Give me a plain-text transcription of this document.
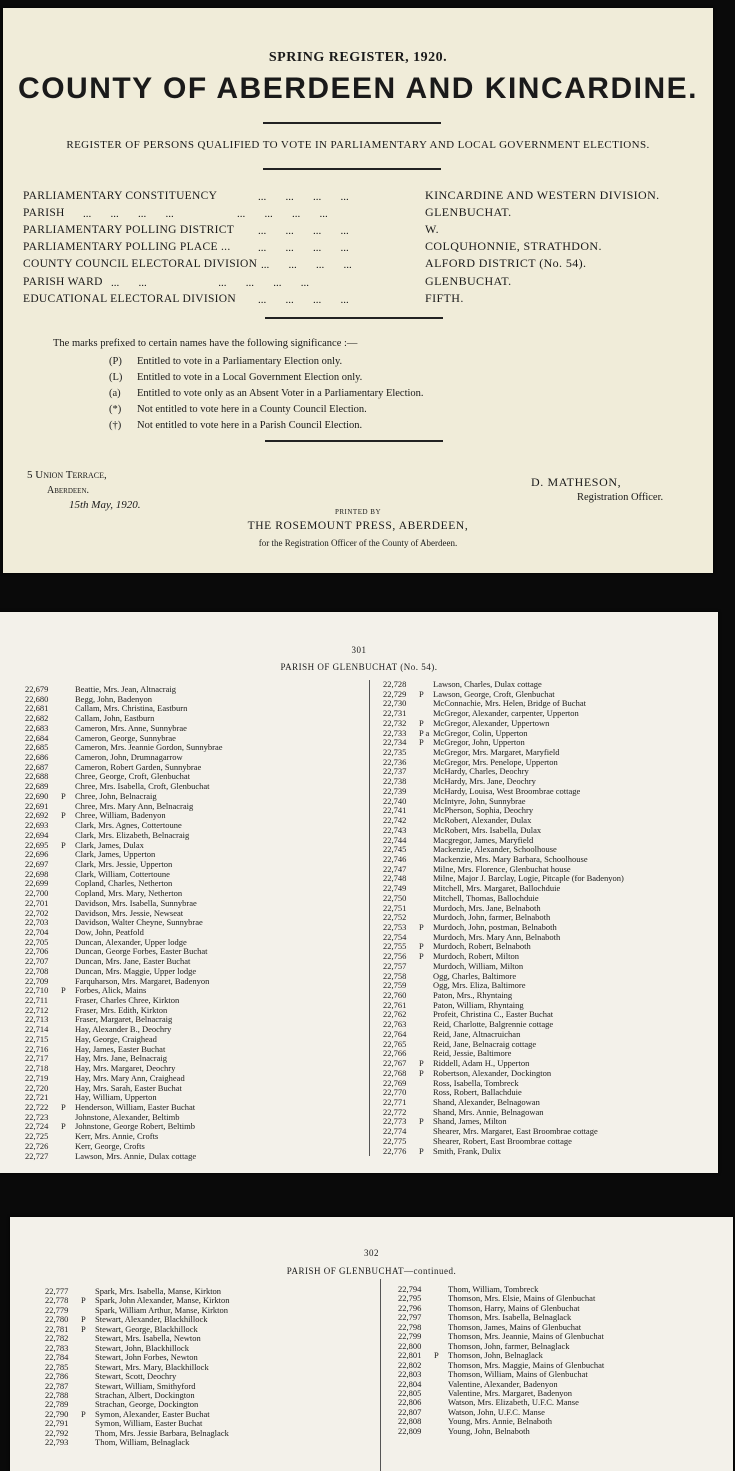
SPRING REGISTER, 1920.
COUNTY OF ABERDEEN AND KINCARDINE.
REGISTER OF PERSONS QUALIFIED TO VOTE IN PARLIAMENTARY AND LOCAL GOVERNMENT ELECTIONS.
PARLIAMENTARY CONSTITUENCY	KINCARDINE AND WESTERN DIVISION.
PARISH	GLENBUCHAT.
PARLIAMENTARY POLLING DISTRICT	W.
PARLIAMENTARY POLLING PLACE ...	COLQUHONNIE, STRATHDON.
COUNTY COUNCIL ELECTORAL DIVISION	ALFORD DISTRICT (No. 54).
PARISH WARD	GLENBUCHAT.
EDUCATIONAL ELECTORAL DIVISION	FIFTH.
...       ...       ...       ...
...       ...       ...       ...                       ...       ...       ...       ...
...       ...       ...       ...
...       ...       ...       ...
...       ...       ...       ...
...       ...                          ...       ...       ...       ...
...       ...       ...       ...
The marks prefixed to certain names have the following significance :—
(P) Entitled to vote in a Parliamentary Election only.
(L) Entitled to vote in a Local Government Election only.
(a) Entitled to vote only as an Absent Voter in a Parliamentary Election.
(*) Not entitled to vote here in a County Council Election.
(†) Not entitled to vote here in a Parish Council Election.
5 Union Terrace,
Aberdeen.
15th May, 1920.
D. MATHESON,
Registration Officer.
PRINTED BY
THE ROSEMOUNT PRESS, ABERDEEN,
for the Registration Officer of the County of Aberdeen.
301
PARISH OF GLENBUCHAT (No. 54).
22,679	Beattie, Mrs. Jean, Altnacraig
22,680	Begg, John, Badenyon
22,681	Callam, Mrs. Christina, Eastburn
22,682	Callam, John, Eastburn
22,683	Cameron, Mrs. Anne, Sunnybrae
22,684	Cameron, George, Sunnybrae
22,685	Cameron, Mrs. Jeannie Gordon, Sunnybrae
22,686	Cameron, John, Drumnagarrow
22,687	Cameron, Robert Garden, Sunnybrae
22,688	Chree, George, Croft, Glenbuchat
22,689	Chree, Mrs. Isabella, Croft, Glenbuchat
22,690 P Chree, John, Belnacraig
22,691	Chree, Mrs. Mary Ann, Belnacraig
22,692 P Chree, William, Badenyon
22,693	Clark, Mrs. Agnes, Cottertoune
22,694	Clark, Mrs. Elizabeth, Belnacraig
22,695 P Clark, James, Dulax
22,696	Clark, James, Upperton
22,697	Clark, Mrs. Jessie, Upperton
22,698	Clark, William, Cottertoune
22,699	Copland, Charles, Netherton
22,700	Copland, Mrs. Mary, Netherton
22,701	Davidson, Mrs. Isabella, Sunnybrae
22,702	Davidson, Mrs. Jessie, Newseat
22,703	Davidson, Walter Cheyne, Sunnybrae
22,704	Dow, John, Peatfold
22,705	Duncan, Alexander, Upper lodge
22,706	Duncan, George Forbes, Easter Buchat
22,707	Duncan, Mrs. Jane, Easter Buchat
22,708	Duncan, Mrs. Maggie, Upper lodge
22,709	Farquharson, Mrs. Margaret, Badenyon
22,710 P Forbes, Alick, Mains
22,711	Fraser, Charles Chree, Kirkton
22,712	Fraser, Mrs. Edith, Kirkton
22,713	Fraser, Margaret, Belnacraig
22,714	Hay, Alexander B., Deochry
22,715	Hay, George, Craighead
22,716	Hay, James, Easter Buchat
22,717	Hay, Mrs. Jane, Belnacraig
22,718	Hay, Mrs. Margaret, Deochry
22,719	Hay, Mrs. Mary Ann, Craighead
22,720	Hay, Mrs. Sarah, Easter Buchat
22,721	Hay, William, Upperton
22,722 P Henderson, William, Easter Buchat
22,723	Johnstone, Alexander, Beltimb
22,724 P Johnstone, George Robert, Beltimb
22,725	Kerr, Mrs. Annie, Crofts
22,726	Kerr, George, Crofts
22,727	Lawson, Mrs. Annie, Dulax cottage
22,728	Lawson, Charles, Dulax cottage
22,729 P Lawson, George, Croft, Glenbuchat
22,730	McConnachie, Mrs. Helen, Bridge of Buchat
22,731	McGregor, Alexander, carpenter, Upperton
22,732 P McGregor, Alexander, Uppertown
22,733 P a McGregor, Colin, Upperton
22,734 P McGregor, John, Upperton
22,735	McGregor, Mrs. Margaret, Maryfield
22,736	McGregor, Mrs. Penelope, Upperton
22,737	McHardy, Charles, Deochry
22,738	McHardy, Mrs. Jane, Deochry
22,739	McHardy, Louisa, West Broombrae cottage
22,740	McIntyre, John, Sunnybrae
22,741	McPherson, Sophia, Deochry
22,742	McRobert, Alexander, Dulax
22,743	McRobert, Mrs. Isabella, Dulax
22,744	Macgregor, James, Maryfield
22,745	Mackenzie, Alexander, Schoolhouse
22,746	Mackenzie, Mrs. Mary Barbara, Schoolhouse
22,747	Milne, Mrs. Florence, Glenbuchat house
22,748	Milne, Major J. Barclay, Logie, Pitcaple (for Badenyon)
22,749	Mitchell, Mrs. Margaret, Ballochduie
22,750	Mitchell, Thomas, Ballochduie
22,751	Murdoch, Mrs. Jane, Belnaboth
22,752	Murdoch, John, farmer, Belnaboth
22,753 P Murdoch, John, postman, Belnaboth
22,754	Murdoch, Mrs. Mary Ann, Belnaboth
22,755 P Murdoch, Robert, Belnaboth
22,756 P Murdoch, Robert, Milton
22,757	Murdoch, William, Milton
22,758	Ogg, Charles, Baltimore
22,759	Ogg, Mrs. Eliza, Baltimore
22,760	Paton, Mrs., Rhyntaing
22,761	Paton, William, Rhyntaing
22,762	Profeit, Christina C., Easter Buchat
22,763	Reid, Charlotte, Balgrennie cottage
22,764	Reid, Jane, Altnacruichan
22,765	Reid, Jane, Belnacraig cottage
22,766	Reid, Jessie, Baltimore
22,767 P Riddell, Adam H., Upperton
22,768 P Robertson, Alexander, Dockington
22,769	Ross, Isabella, Tombreck
22,770	Ross, Robert, Ballachduie
22,771	Shand, Alexander, Belnagowan
22,772	Shand, Mrs. Annie, Belnagowan
22,773 P Shand, James, Milton
22,774	Shearer, Mrs. Margaret, East Broombrae cottage
22,775	Shearer, Robert, East Broombrae cottage
22,776 P Smith, Frank, Dulix
302
PARISH OF GLENBUCHAT—continued.
22,777	Spark, Mrs. Isabella, Manse, Kirkton
22,778 P Spark, John Alexander, Manse, Kirkton
22,779	Spark, William Arthur, Manse, Kirkton
22,780 P Stewart, Alexander, Blackhillock
22,781 P Stewart, George, Blackhillock
22,782	Stewart, Mrs. Isabella, Newton
22,783	Stewart, John, Blackhillock
22,784	Stewart, John Forbes, Newton
22,785	Stewart, Mrs. Mary, Blackhillock
22,786	Stewart, Scott, Deochry
22,787	Stewart, William, Smithyford
22,788	Strachan, Albert, Dockington
22,789	Strachan, George, Dockington
22,790 P Symon, Alexander, Easter Buchat
22,791	Symon, William, Easter Buchat
22,792	Thom, Mrs. Jessie Barbara, Belnaglack
22,793	Thom, William, Belnaglack
22,794	Thom, William, Tombreck
22,795	Thomson, Mrs. Elsie, Mains of Glenbuchat
22,796	Thomson, Harry, Mains of Glenbuchat
22,797	Thomson, Mrs. Isabella, Belnaglack
22,798	Thomson, James, Mains of Glenbuchat
22,799	Thomson, Mrs. Jeannie, Mains of Glenbuchat
22,800	Thomson, John, farmer, Belnaglack
22,801 P Thomson, John, Belnaglack
22,802	Thomson, Mrs. Maggie, Mains of Glenbuchat
22,803	Thomson, William, Mains of Glenbuchat
22,804	Valentine, Alexander, Badenyon
22,805	Valentine, Mrs. Margaret, Badenyon
22,806	Watson, Mrs. Elizabeth, U.F.C. Manse
22,807	Watson, John, U.F.C. Manse
22,808	Young, Mrs. Annie, Belnaboth
22,809	Young, John, Belnaboth
